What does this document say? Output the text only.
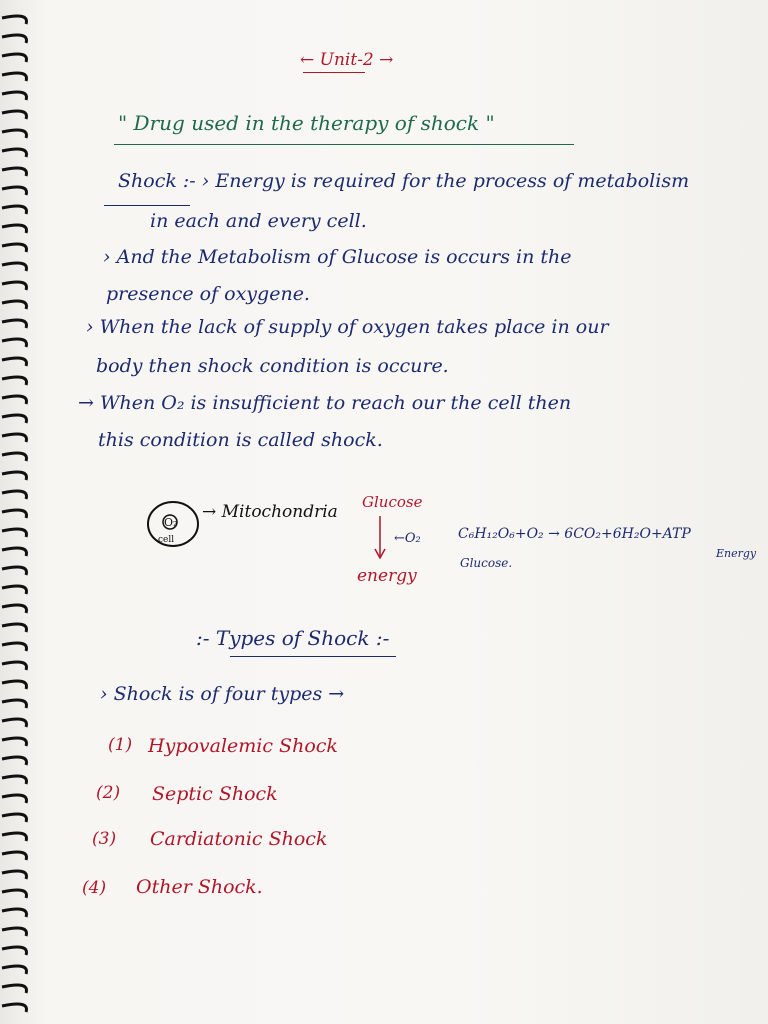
← Unit-2 →
" Drug used in the therapy of shock "
Shock :- › Energy is required for the process of metabolism
in each and every cell.
› And the Metabolism of Glucose is occurs in the
presence of oxygene.
› When the lack of supply of oxygen takes place in our
body then shock condition is occure.
→ When O₂ is insufficient to reach our the cell then
this condition is called shock.
O₂
cell
→ Mitochondria Glucose
←O₂
energy
C₆H₁₂O₆+O₂ → 6CO₂+6H₂O+ATP
Glucose.
Energy
:- Types of Shock :-
› Shock is of four types →
(1) Hypovalemic Shock
(2) Septic Shock
(3) Cardiatonic Shock
(4) Other Shock.
